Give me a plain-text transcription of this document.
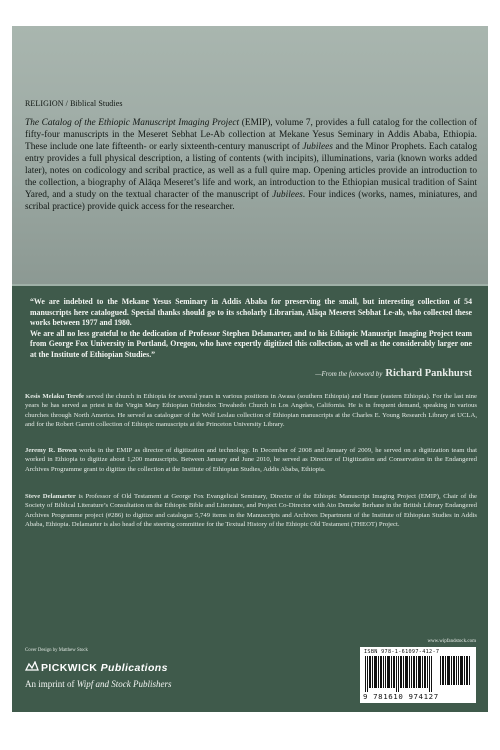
RELIGION / Biblical Studies
The Catalog of the Ethiopic Manuscript Imaging Project (EMIP), volume 7, provides a full catalog for the collection of fifty-four manuscripts in the Meseret Sebhat Le-Ab collection at Mekane Yesus Seminary in Addis Ababa, Ethiopia. These include one late fifteenth- or early sixteenth-century manuscript of Jubilees and the Minor Prophets. Each catalog entry provides a full physical description, a listing of contents (with incipits), illuminations, varia (known works added later), notes on codicology and scribal practice, as well as a full quire map. Opening articles provide an introduction to the collection, a biography of Alāqa Meseret’s life and work, an introduction to the Ethiopian musical tradition of Saint Yared, and a study on the textual character of the manuscript of Jubilees. Four indices (works, names, miniatures, and scribal practice) provide quick access for the researcher.

“We are indebted to the Mekane Yesus Seminary in Addis Ababa for preserving the small, but interesting collection of 54 manuscripts here catalogued. Special thanks should go to its scholarly Librarian, Alāqa Meseret Sebhat Le-ab, who collected these works between 1977 and 1980.

We are all no less grateful to the dedication of Professor Stephen Delamarter, and to his Ethiopic Manusript Imaging Project team from George Fox University in Portland, Oregon, who have expertly digitized this collection, as well as the considerably larger one at the Institute of Ethiopian Studies.”

—From the foreword by Richard Pankhurst
Kesis Melaku Terefe served the church in Ethiopia for several years in various positions in Awasa (southern Ethiopia) and Harar (eastern Ethiopia). For the last nine years he has served as priest in the Virgin Mary Ethiopian Orthodox Tewahedo Church in Los Angeles, California. He is in frequent demand, speaking in various churches through North America. He served as cataloguer of the Wolf Leslau collection of Ethiopian manuscripts at the Charles E. Young Research Library at UCLA, and for the Robert Garrett collection of Ethiopic manuscripts at the Princeton University Library.
Jeremy R. Brown works in the EMIP as director of digitization and technology. In December of 2008 and January of 2009, he served on a digitization team that worked in Ethiopia to digitize about 1,200 manuscripts. Between January and June 2010, he served as Director of Digitization and Conservation in the Endangered Archives Programme grant to digitize the collection at the Institute of Ethiopian Studies, Addis Ababa, Ethiopia.
Steve Delamarter is Professor of Old Testament at George Fox Evangelical Seminary, Director of the Ethiopic Manuscript Imaging Project (EMIP), Chair of the Society of Biblical Literature’s Consultation on the Ethiopic Bible and Literature, and Project Co-Director with Ato Demeke Berhane in the British Library Endangered Archives Programme project (#286) to digitize and catalogue 5,749 items in the Manuscripts and Archives Department of the Institute of Ethiopian Studies in Addis Ababa, Ethiopia. Delamarter is also head of the steering committee for the Textual History of the Ethiopic Old Testament (THEOT) Project.
Cover Design by Matthew Stock
PICKWICK Publications
An imprint of Wipf and Stock Publishers
www.wipfandstock.com
ISBN 978-1-61097-412-7
9 781610 974127
